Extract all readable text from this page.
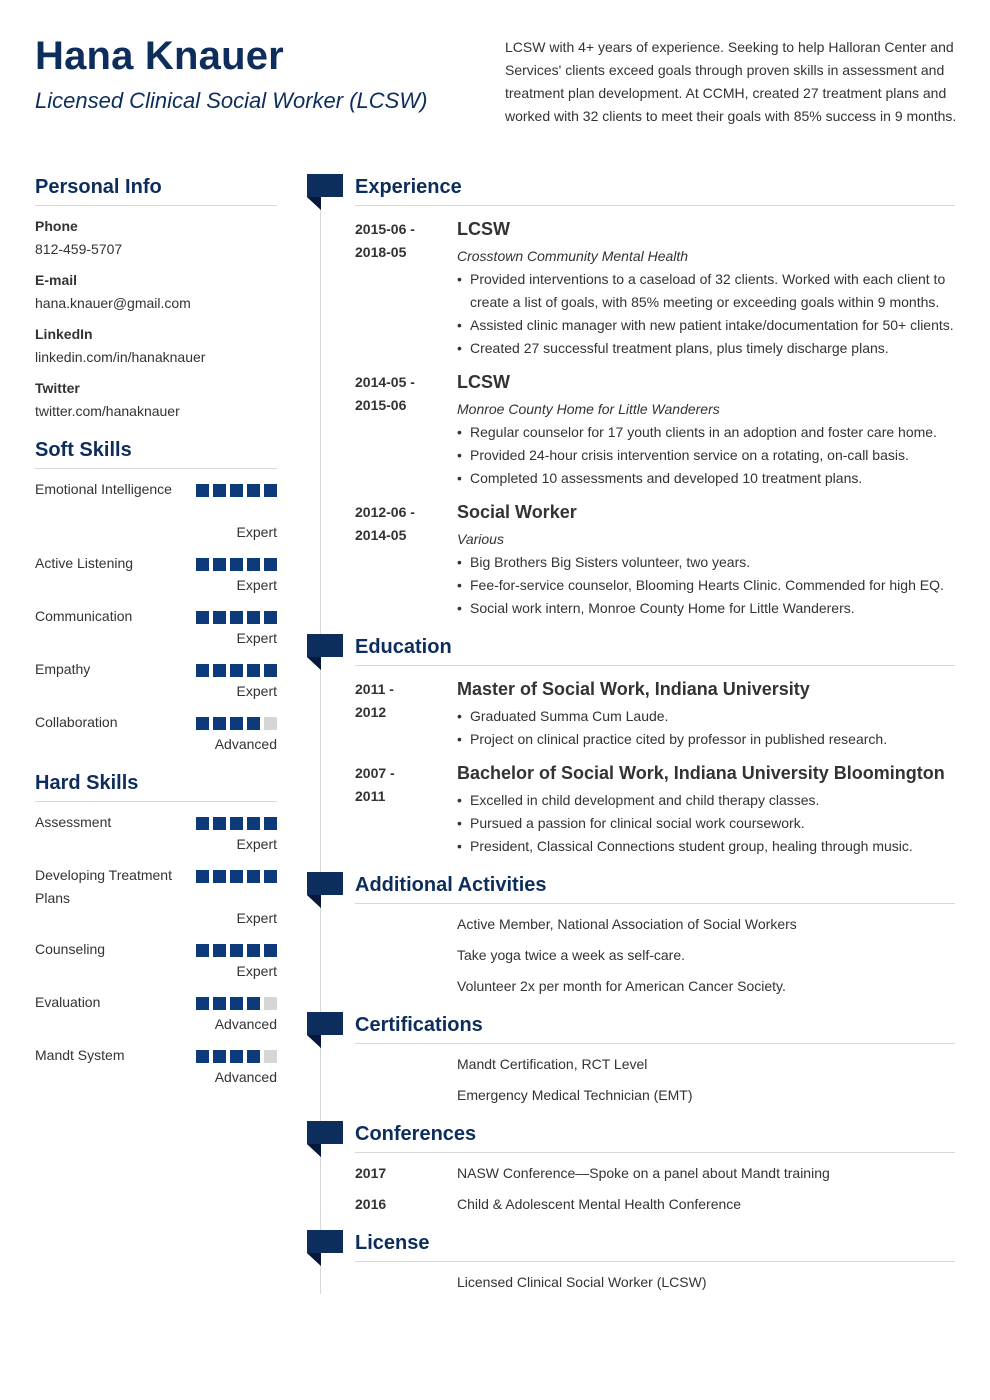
Hana Knauer
Licensed Clinical Social Worker (LCSW)
LCSW with 4+ years of experience. Seeking to help Halloran Center and Services' clients exceed goals through proven skills in assessment and treatment plan development. At CCMH, created 27 treatment plans and worked with 32 clients to meet their goals with 85% success in 9 months.
Personal Info
Phone
812-459-5707
E-mail
hana.knauer@gmail.com
LinkedIn
linkedin.com/in/hanaknauer
Twitter
twitter.com/hanaknauer
Soft Skills
Emotional Intelligence
Expert
Active Listening
Expert
Communication
Expert
Empathy
Expert
Collaboration
Advanced
Hard Skills
Assessment
Expert
Developing Treatment Plans
Expert
Counseling
Expert
Evaluation
Advanced
Mandt System
Advanced
Experience
2015-06 -
2018-05
LCSW
Crosstown Community Mental Health
• Provided interventions to a caseload of 32 clients. Worked with each client to create a list of goals, with 85% meeting or exceeding goals within 9 months.
• Assisted clinic manager with new patient intake/documentation for 50+ clients.
• Created 27 successful treatment plans, plus timely discharge plans.
2014-05 -
2015-06
LCSW
Monroe County Home for Little Wanderers
• Regular counselor for 17 youth clients in an adoption and foster care home.
• Provided 24-hour crisis intervention service on a rotating, on-call basis.
• Completed 10 assessments and developed 10 treatment plans.
2012-06 -
2014-05
Social Worker
Various
• Big Brothers Big Sisters volunteer, two years.
• Fee-for-service counselor, Blooming Hearts Clinic. Commended for high EQ.
• Social work intern, Monroe County Home for Little Wanderers.
Education
2011 -
2012
Master of Social Work, Indiana University
• Graduated Summa Cum Laude.
• Project on clinical practice cited by professor in published research.
2007 -
2011
Bachelor of Social Work, Indiana University Bloomington
• Excelled in child development and child therapy classes.
• Pursued a passion for clinical social work coursework.
• President, Classical Connections student group, healing through music.
Additional Activities
Active Member, National Association of Social Workers
Take yoga twice a week as self-care.
Volunteer 2x per month for American Cancer Society.
Certifications
Mandt Certification, RCT Level
Emergency Medical Technician (EMT)
Conferences
2017	NASW Conference—Spoke on a panel about Mandt training
2016	Child & Adolescent Mental Health Conference
License
Licensed Clinical Social Worker (LCSW)
